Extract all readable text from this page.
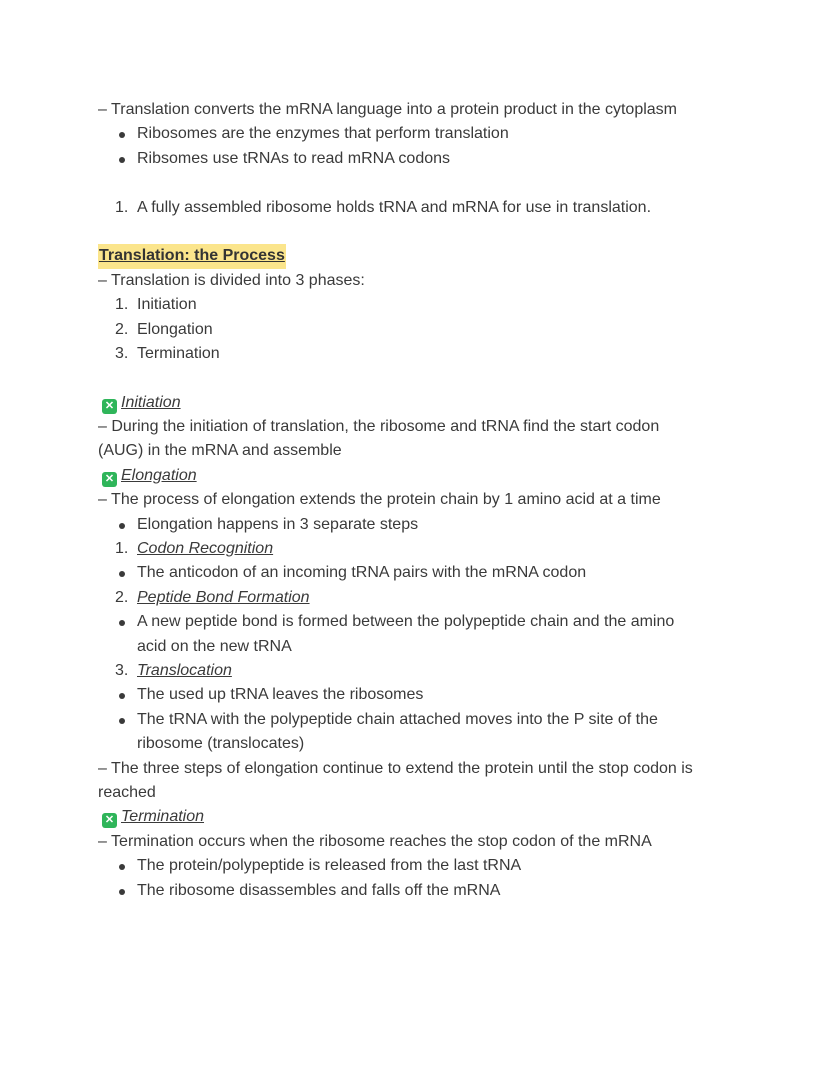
– Translation converts the mRNA language into a protein product in the cytoplasm
Ribosomes are the enzymes that perform translation
Ribsomes use tRNAs to read mRNA codons
1. A fully assembled ribosome holds tRNA and mRNA for use in translation.
Translation: the Process
– Translation is divided into 3 phases:
1. Initiation
2. Elongation
3. Termination
✕ Initiation
– During the initiation of translation, the ribosome and tRNA find the start codon
(AUG) in the mRNA and assemble
✕ Elongation
– The process of elongation extends the protein chain by 1 amino acid at a time
Elongation happens in 3 separate steps
1. Codon Recognition
The anticodon of an incoming tRNA pairs with the mRNA codon
2. Peptide Bond Formation
A new peptide bond is formed between the polypeptide chain and the amino
acid on the new tRNA
3. Translocation
The used up tRNA leaves the ribosomes
The tRNA with the polypeptide chain attached moves into the P site of the
ribosome (translocates)
– The three steps of elongation continue to extend the protein until the stop codon is
reached
✕ Termination
– Termination occurs when the ribosome reaches the stop codon of the mRNA
The protein/polypeptide is released from the last tRNA
The ribosome disassembles and falls off the mRNA
